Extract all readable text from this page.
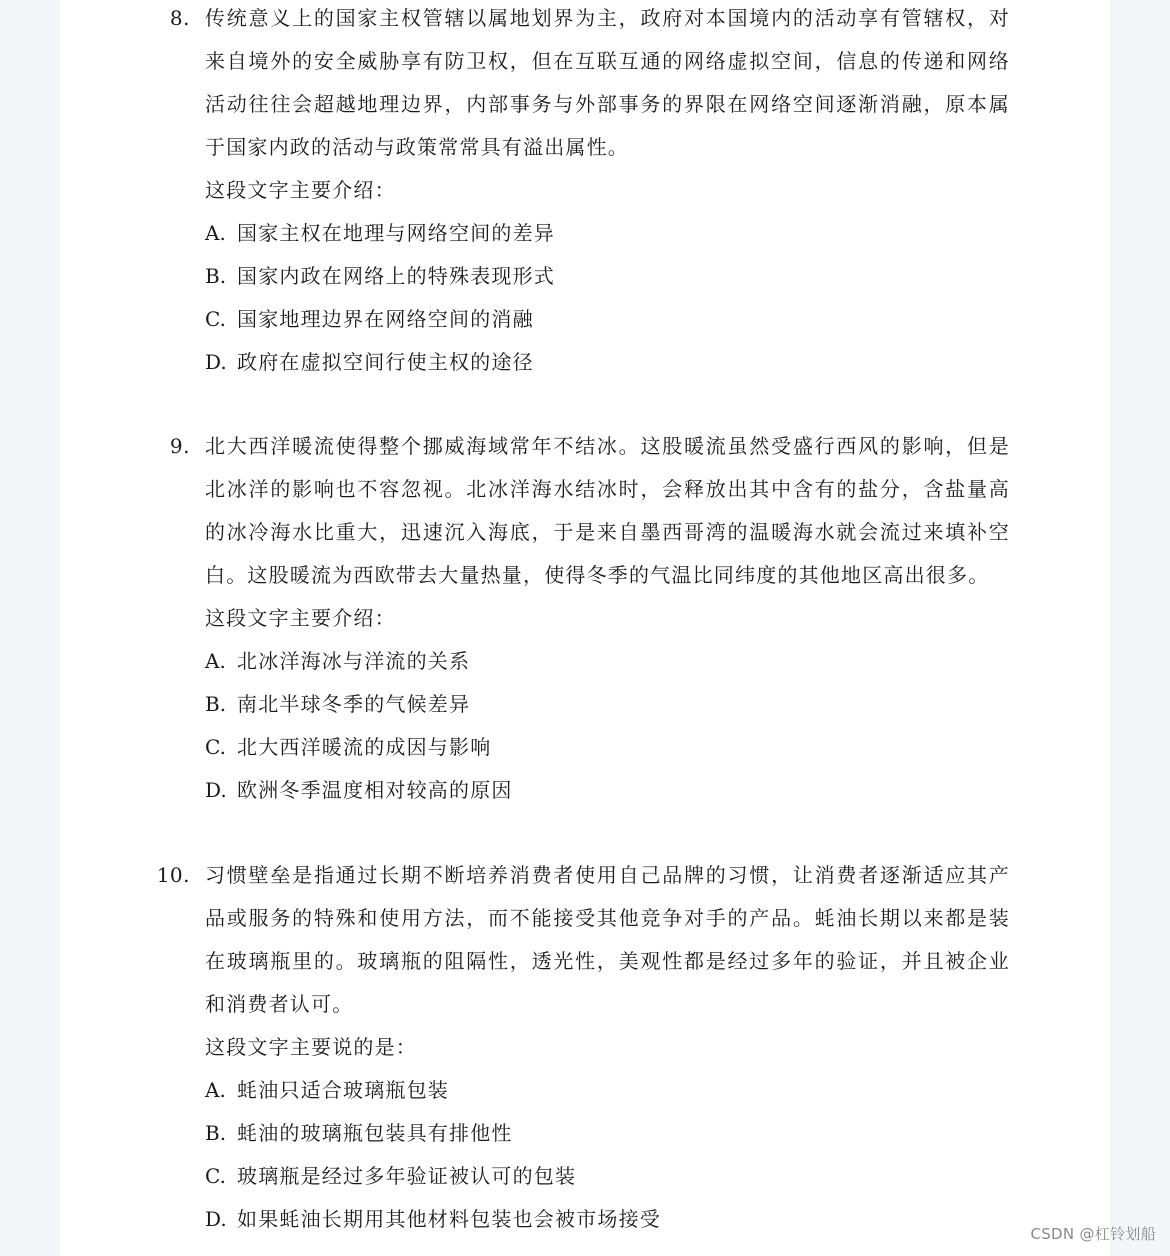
8. 传统意义上的国家主权管辖以属地划界为主，政府对本国境内的活动享有管辖权，对来自境外的安全威胁享有防卫权，但在互联互通的网络虚拟空间，信息的传递和网络活动往往会超越地理边界，内部事务与外部事务的界限在网络空间逐渐消融，原本属于国家内政的活动与政策常常具有溢出属性。

这段文字主要介绍：

A. 国家主权在地理与网络空间的差异

B. 国家内政在网络上的特殊表现形式

C. 国家地理边界在网络空间的消融

D. 政府在虚拟空间行使主权的途径

9. 北大西洋暖流使得整个挪威海域常年不结冰。这股暖流虽然受盛行西风的影响，但是北冰洋的影响也不容忽视。北冰洋海水结冰时，会释放出其中含有的盐分，含盐量高的冰冷海水比重大，迅速沉入海底，于是来自墨西哥湾的温暖海水就会流过来填补空白。这股暖流为西欧带去大量热量，使得冬季的气温比同纬度的其他地区高出很多。

这段文字主要介绍：

A. 北冰洋海冰与洋流的关系

B. 南北半球冬季的气候差异

C. 北大西洋暖流的成因与影响

D. 欧洲冬季温度相对较高的原因

10. 习惯壁垒是指通过长期不断培养消费者使用自己品牌的习惯，让消费者逐渐适应其产品或服务的特殊和使用方法，而不能接受其他竞争对手的产品。蚝油长期以来都是装在玻璃瓶里的。玻璃瓶的阻隔性，透光性，美观性都是经过多年的验证，并且被企业和消费者认可。

这段文字主要说的是：

A. 蚝油只适合玻璃瓶包装

B. 蚝油的玻璃瓶包装具有排他性

C. 玻璃瓶是经过多年验证被认可的包装

D. 如果蚝油长期用其他材料包装也会被市场接受

CSDN @杠铃划船
